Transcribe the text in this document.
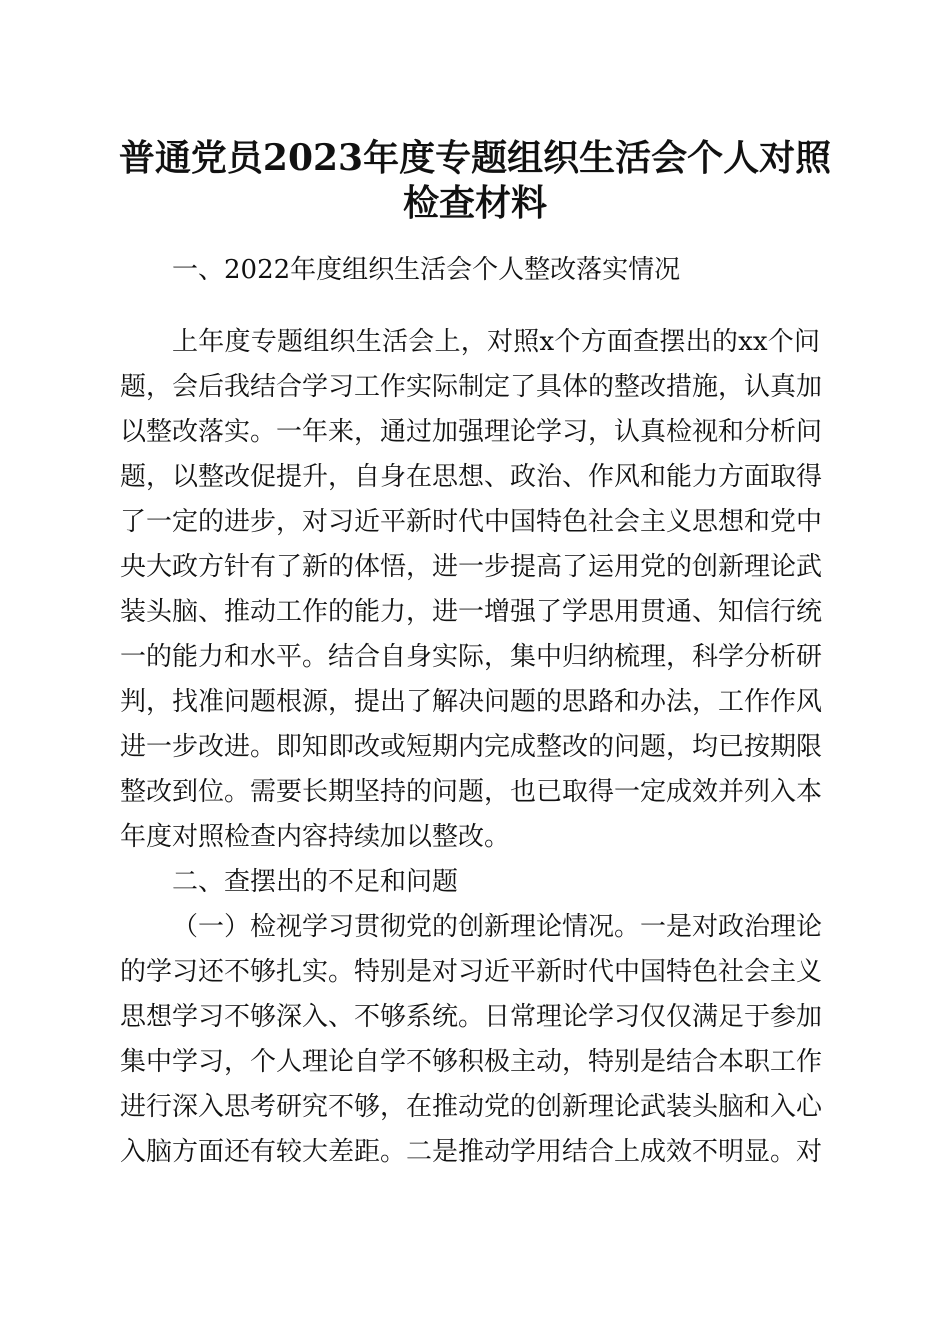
普通党员2023年度专题组织生活会个人对照
检查材料
一、2022年度组织生活会个人整改落实情况
上年度专题组织生活会上，对照x个方面查摆出的xx个问
题，会后我结合学习工作实际制定了具体的整改措施，认真加
以整改落实。一年来，通过加强理论学习，认真检视和分析问
题，以整改促提升，自身在思想、政治、作风和能力方面取得
了一定的进步，对习近平新时代中国特色社会主义思想和党中
央大政方针有了新的体悟，进一步提高了运用党的创新理论武
装头脑、推动工作的能力，进一增强了学思用贯通、知信行统
一的能力和水平。结合自身实际，集中归纳梳理，科学分析研
判，找准问题根源，提出了解决问题的思路和办法，工作作风
进一步改进。即知即改或短期内完成整改的问题，均已按期限
整改到位。需要长期坚持的问题，也已取得一定成效并列入本
年度对照检查内容持续加以整改。
二、查摆出的不足和问题
（一）检视学习贯彻党的创新理论情况。一是对政治理论
的学习还不够扎实。特别是对习近平新时代中国特色社会主义
思想学习不够深入、不够系统。日常理论学习仅仅满足于参加
集中学习，个人理论自学不够积极主动，特别是结合本职工作
进行深入思考研究不够，在推动党的创新理论武装头脑和入心
入脑方面还有较大差距。二是推动学用结合上成效不明显。对
